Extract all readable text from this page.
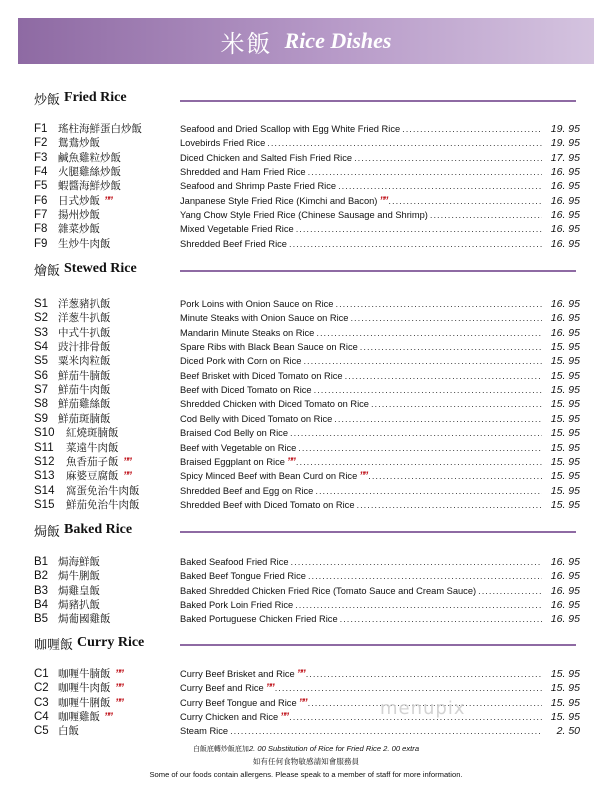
米飯 Rice Dishes
炒飯 Fried Rice
F1	瑤柱海鮮蛋白炒飯	Seafood and Dried Scallop with Egg White Fried Rice .....	19. 95
F2	鴛鴦炒飯	Lovebirds Fried Rice .....	19. 95
F3	鹹魚雞粒炒飯	Diced Chicken and Salted Fish Fried Rice .....	17. 95
F4	火腿雞絲炒飯	Shredded and Ham Fried Rice .....	16. 95
F5	蝦醬海鮮炒飯	Seafood and Shrimp Paste Fried Rice .....	16. 95
F6	日式炒飯 ””	Janpanese Style Fried Rice (Kimchi and Bacon) ”” .....	16. 95
F7	揚州炒飯	Yang Chow Style Fried Rice (Chinese Sausage and Shrimp) .....	16. 95
F8	雜菜炒飯	Mixed Vegetable Fried Rice .....	16. 95
F9	生炒牛肉飯	Shredded Beef Fried Rice .....	16. 95
燴飯 Stewed Rice
S1 洋葱豬扒飯	Pork Loins with Onion Sauce on Rice .....	16. 95
S2 洋葱牛扒飯	Minute Steaks with Onion Sauce on Rice .....	16. 95
S3 中式牛扒飯	Mandarin Minute Steaks on Rice .....	16. 95
S4 豉汁排骨飯	Spare Ribs with Black Bean Sauce on Rice .....	15. 95
S5 粟米肉粒飯	Diced Pork with Corn on Rice .....	15. 95
S6 鮮茄牛腩飯	Beef Brisket with Diced Tomato on Rice .....	15. 95
S7 鮮茄牛肉飯	Beef with Diced Tomato on Rice .....	15. 95
S8 鮮茄雞絲飯	Shredded Chicken with Diced Tomato on Rice .....	15. 95
S9 鮮茄斑腩飯	Cod Belly with Diced Tomato on Rice .....	15. 95
S10	紅燒斑腩飯	Braised Cod Belly on Rice .....	15. 95
S11	菜遠牛肉飯	Beef with Vegetable on Rice .....	15. 95
S12	魚香茄子飯 ””	Braised Eggplant on Rice ”” .....	15. 95
S13	麻婆豆腐飯 ””	Spicy Minced Beef with Bean Curd on Rice ”” .....	15. 95
S14	窩蛋免治牛肉飯	Shredded Beef and Egg on Rice .....	15. 95
S15	鮮茄免治牛肉飯	Shredded Beef with Diced Tomato on Rice .....	15. 95
焗飯 Baked Rice
B1 焗海鮮飯	Baked Seafood Fried Rice .....	16. 95
B2 焗牛脷飯	Baked Beef Tongue Fried Rice .....	16. 95
B3 焗雞皇飯	Baked Shredded Chicken Fried Rice (Tomato Sauce and Cream Sauce) .....	16. 95
B4 焗豬扒飯	Baked Pork Loin Fried Rice .....	16. 95
B5 焗葡國雞飯	Baked Portuguese Chicken Fried Rice .....	16. 95
咖喱飯 Curry Rice
C1 咖喱牛腩飯 ””	Curry Beef Brisket and Rice ”” .....	15. 95
C2 咖喱牛肉飯 ””	Curry Beef and Rice ”” .....	15. 95
C3 咖喱牛脷飯 ””	Curry Beef Tongue and Rice ”” .....	15. 95
C4 咖喱雞飯 ””	Curry Chicken and Rice ”” .....	15. 95
C5 白飯	Steam Rice .....	2. 50
白飯底轉炒飯底加2. 00 Substitution of Rice for Fried Rice 2. 00 extra
如有任何食物敏感請知會服務員
Some of our foods contain allergens. Please speak to a member of staff for more information.
menupix
